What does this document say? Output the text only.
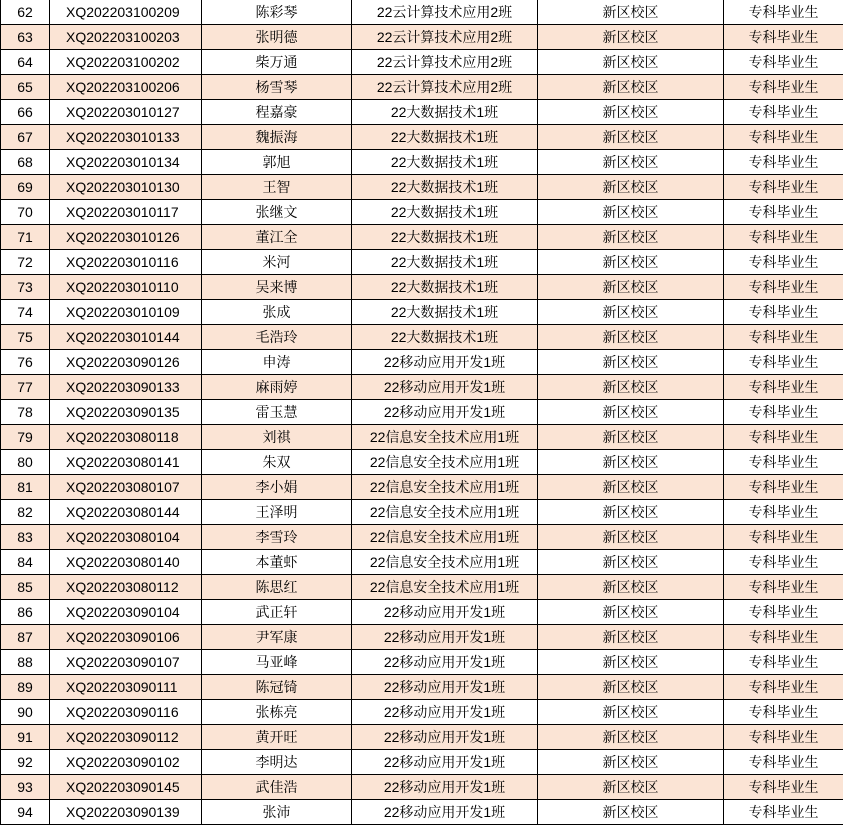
62	XQ202203100209	陈彩琴	22云计算技术应用2班	新区校区	专科毕业生
63	XQ202203100203	张明德	22云计算技术应用2班	新区校区	专科毕业生
64	XQ202203100202	柴万通	22云计算技术应用2班	新区校区	专科毕业生
65	XQ202203100206	杨雪琴	22云计算技术应用2班	新区校区	专科毕业生
66	XQ202203010127	程嘉豪	22大数据技术1班	新区校区	专科毕业生
67	XQ202203010133	魏振海	22大数据技术1班	新区校区	专科毕业生
68	XQ202203010134	郭旭	22大数据技术1班	新区校区	专科毕业生
69	XQ202203010130	王智	22大数据技术1班	新区校区	专科毕业生
70	XQ202203010117	张继文	22大数据技术1班	新区校区	专科毕业生
71	XQ202203010126	董江全	22大数据技术1班	新区校区	专科毕业生
72	XQ202203010116	米河	22大数据技术1班	新区校区	专科毕业生
73	XQ202203010110	吴来博	22大数据技术1班	新区校区	专科毕业生
74	XQ202203010109	张成	22大数据技术1班	新区校区	专科毕业生
75	XQ202203010144	毛浩玲	22大数据技术1班	新区校区	专科毕业生
76	XQ202203090126	申涛	22移动应用开发1班	新区校区	专科毕业生
77	XQ202203090133	麻雨婷	22移动应用开发1班	新区校区	专科毕业生
78	XQ202203090135	雷玉慧	22移动应用开发1班	新区校区	专科毕业生
79	XQ202203080118	刘祺	22信息安全技术应用1班	新区校区	专科毕业生
80	XQ202203080141	朱双	22信息安全技术应用1班	新区校区	专科毕业生
81	XQ202203080107	李小娟	22信息安全技术应用1班	新区校区	专科毕业生
82	XQ202203080144	王泽明	22信息安全技术应用1班	新区校区	专科毕业生
83	XQ202203080104	李雪玲	22信息安全技术应用1班	新区校区	专科毕业生
84	XQ202203080140	本董虾	22信息安全技术应用1班	新区校区	专科毕业生
85	XQ202203080112	陈思红	22信息安全技术应用1班	新区校区	专科毕业生
86	XQ202203090104	武正轩	22移动应用开发1班	新区校区	专科毕业生
87	XQ202203090106	尹军康	22移动应用开发1班	新区校区	专科毕业生
88	XQ202203090107	马亚峰	22移动应用开发1班	新区校区	专科毕业生
89	XQ202203090111	陈冠锜	22移动应用开发1班	新区校区	专科毕业生
90	XQ202203090116	张栋亮	22移动应用开发1班	新区校区	专科毕业生
91	XQ202203090112	黄开旺	22移动应用开发1班	新区校区	专科毕业生
92	XQ202203090102	李明达	22移动应用开发1班	新区校区	专科毕业生
93	XQ202203090145	武佳浩	22移动应用开发1班	新区校区	专科毕业生
94	XQ202203090139	张沛	22移动应用开发1班	新区校区	专科毕业生
